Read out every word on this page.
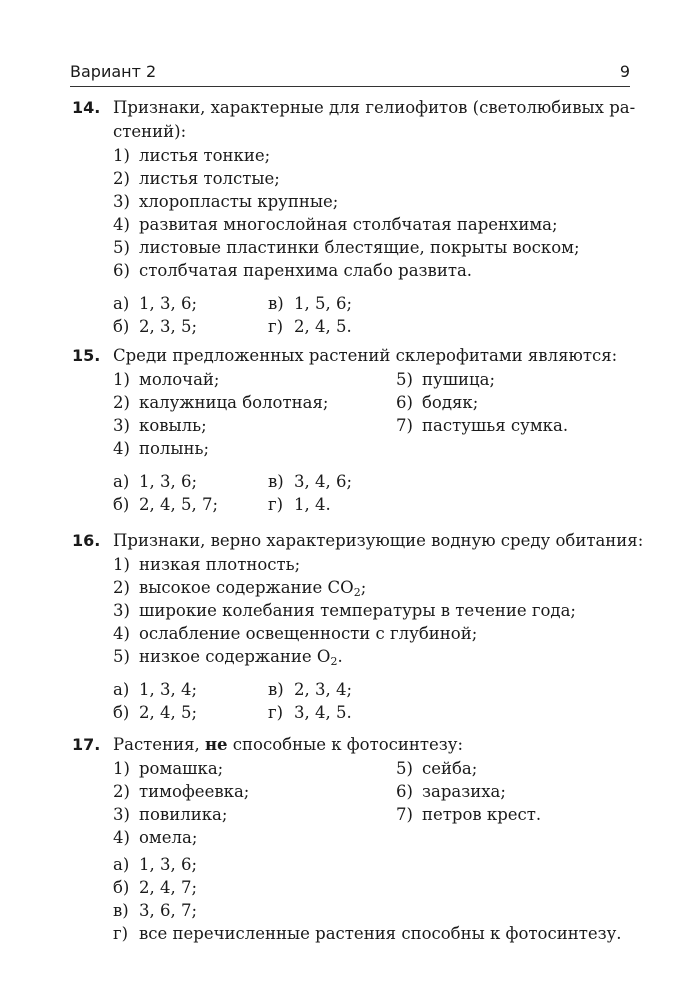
Вариант 2	9
14. Признаки, характерные для гелиофитов (светолюбивых ра-
стений):
1) листья тонкие;
2) листья толстые;
3) хлоропласты крупные;
4) развитая многослойная столбчатая паренхима;
5) листовые пластинки блестящие, покрыты воском;
6) столбчатая паренхима слабо развита.
а) 1, 3, 6;	в) 1, 5, 6;
б) 2, 3, 5;	г) 2, 4, 5.
15. Среди предложенных растений склерофитами являются:
1) молочай;	5) пушица;
2) калужница болотная;	6) бодяк;
3) ковыль;	7) пастушья сумка.
4) полынь;
а) 1, 3, 6;	в) 3, 4, 6;
б) 2, 4, 5, 7;	г) 1, 4.
16. Признаки, верно характеризующие водную среду обитания:
1) низкая плотность;
2) высокое содержание $CO_2$;
3) широкие колебания температуры в течение года;
4) ослабление освещенности с глубиной;
5) низкое содержание $O_2$.
а) 1, 3, 4;	в) 2, 3, 4;
б) 2, 4, 5;	г) 3, 4, 5.
17. Растения, не способные к фотосинтезу:
1) ромашка;	5) сейба;
2) тимофеевка;	6) заразиха;
3) повилика;	7) петров крест.
4) омела;
а) 1, 3, 6;
б) 2, 4, 7;
в) 3, 6, 7;
г) все перечисленные растения способны к фотосинтезу.
